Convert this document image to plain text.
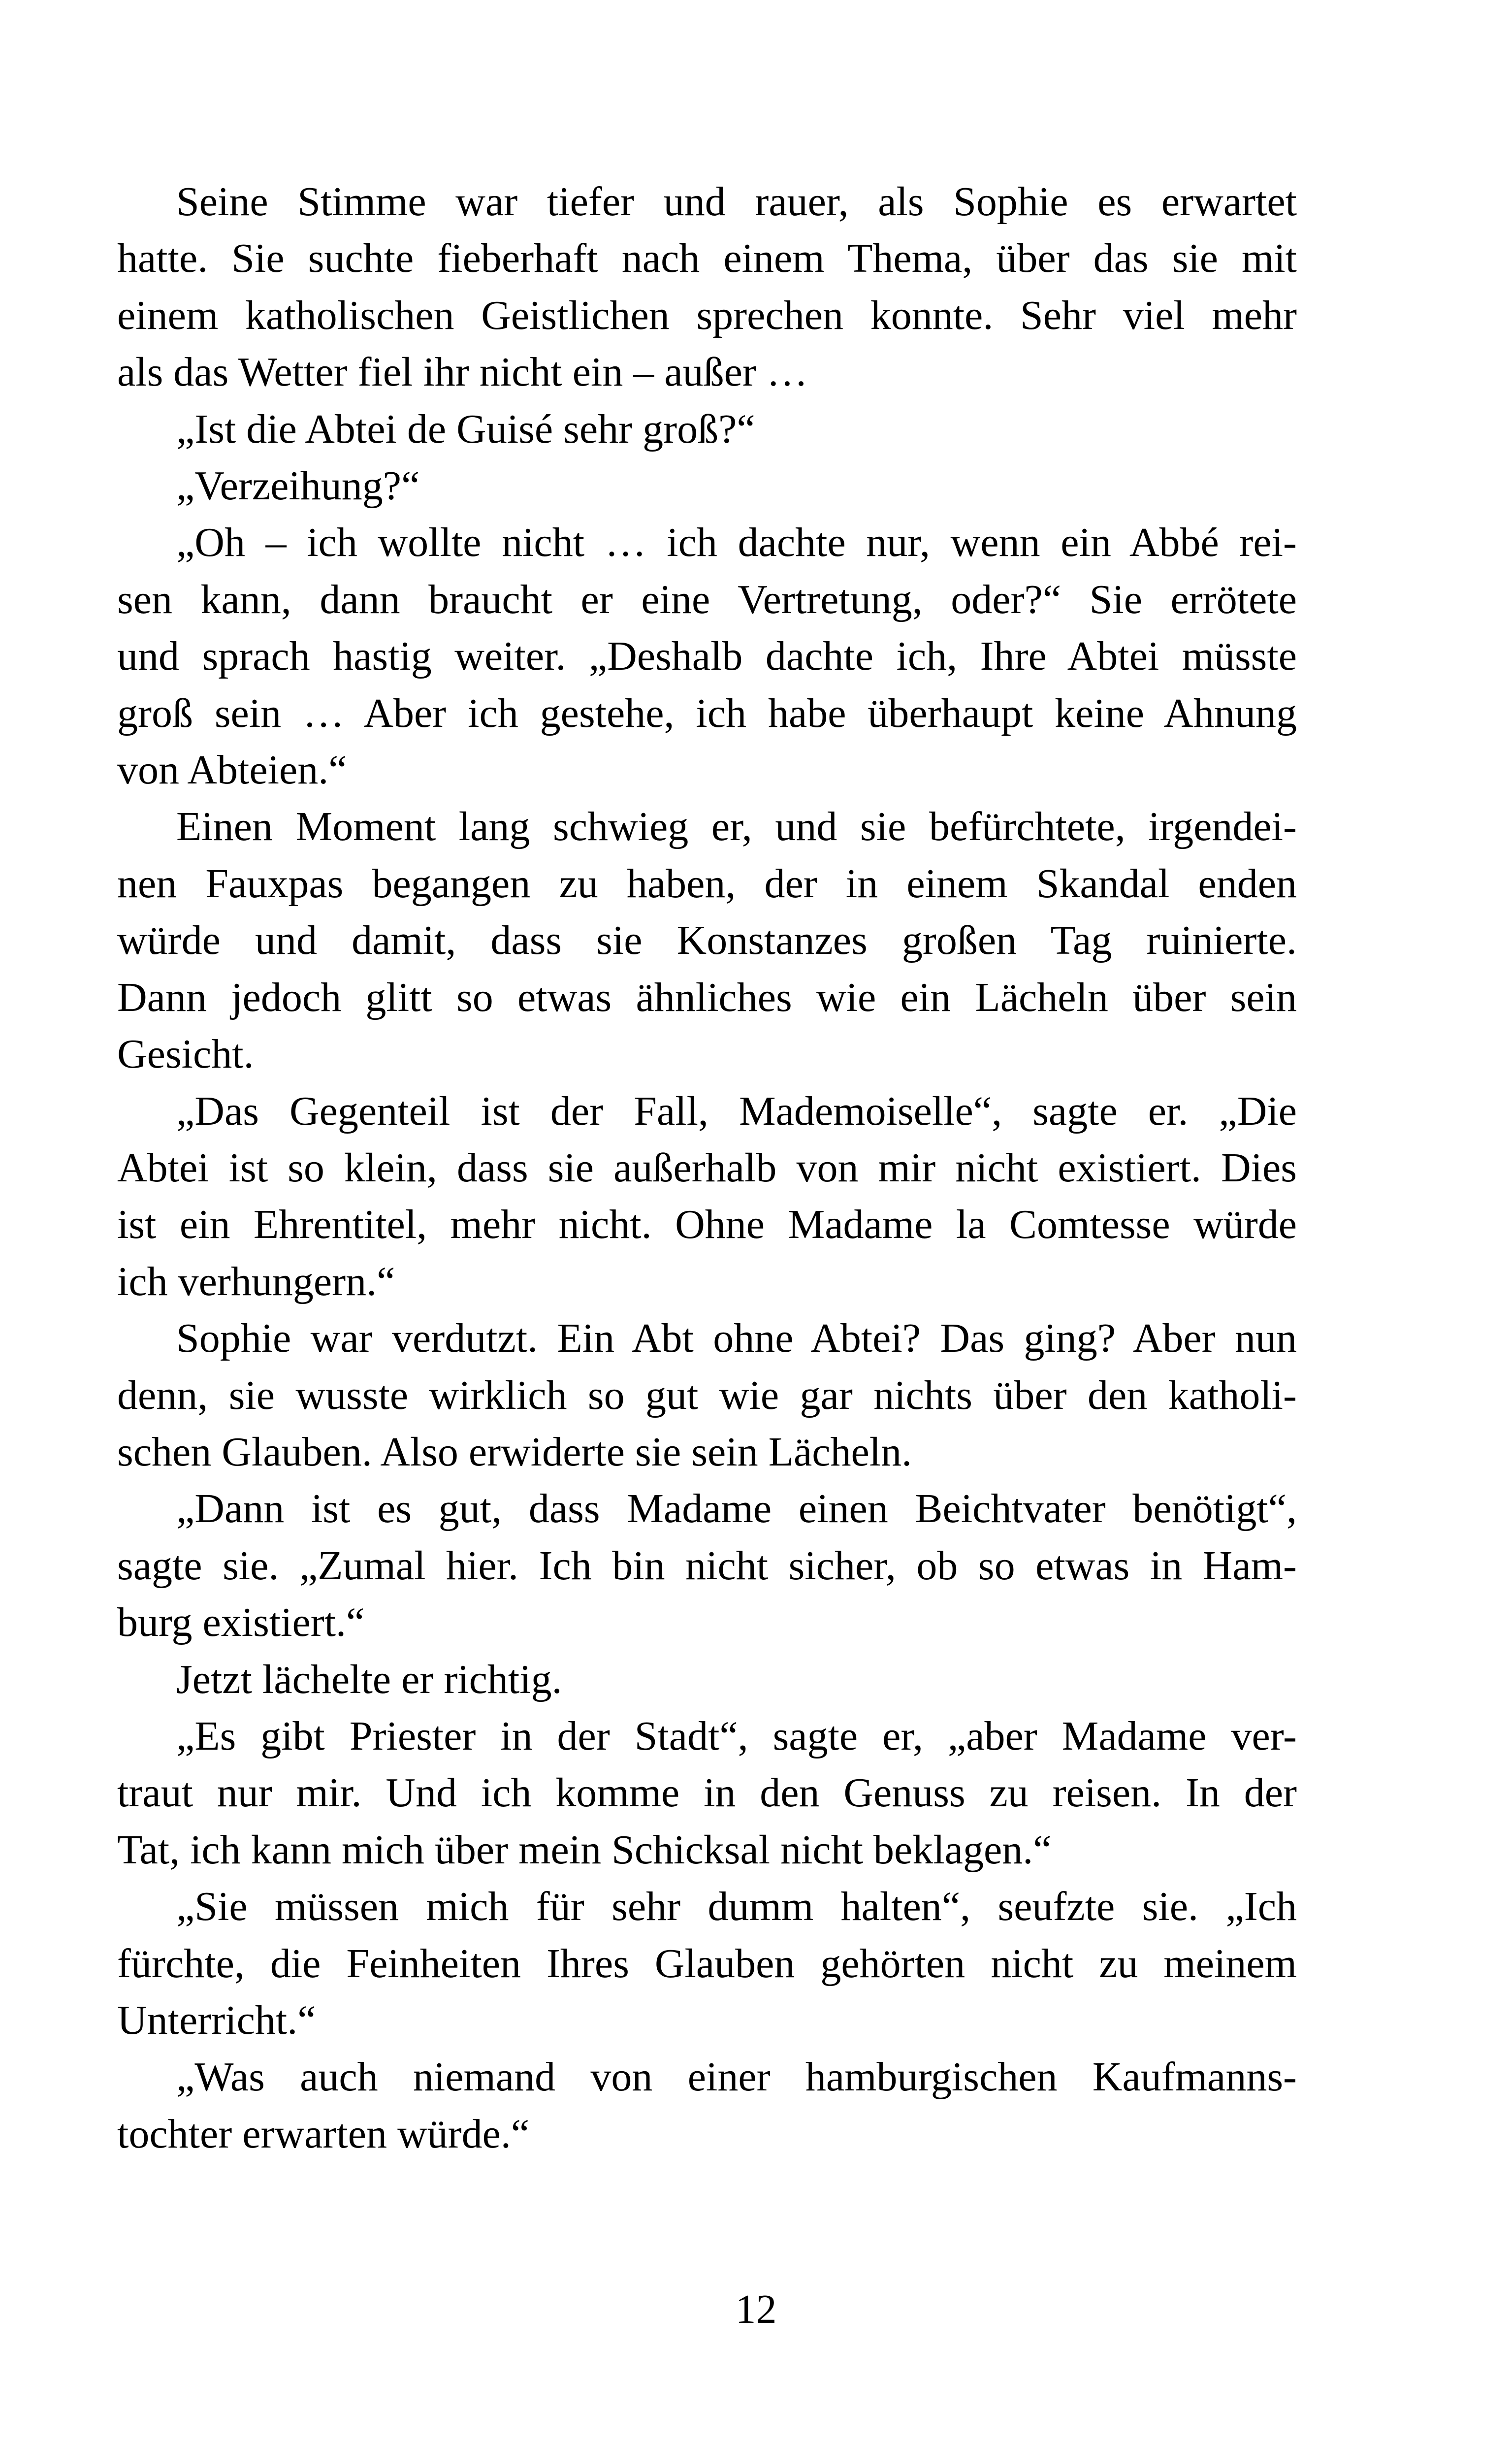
Seine Stimme war tiefer und rauer, als Sophie es erwartet
hatte. Sie suchte fieberhaft nach einem Thema, über das sie mit
einem katholischen Geistlichen sprechen konnte. Sehr viel mehr
als das Wetter fiel ihr nicht ein – außer …
„Ist die Abtei de Guisé sehr groß?“
„Verzeihung?“
„Oh – ich wollte nicht … ich dachte nur, wenn ein Abbé rei-
sen kann, dann braucht er eine Vertretung, oder?“ Sie errötete
und sprach hastig weiter. „Deshalb dachte ich, Ihre Abtei müsste
groß sein … Aber ich gestehe, ich habe überhaupt keine Ahnung
von Abteien.“
Einen Moment lang schwieg er, und sie befürchtete, irgendei-
nen Fauxpas begangen zu haben, der in einem Skandal enden
würde und damit, dass sie Konstanzes großen Tag ruinierte.
Dann jedoch glitt so etwas ähnliches wie ein Lächeln über sein
Gesicht.
„Das Gegenteil ist der Fall, Mademoiselle“, sagte er. „Die
Abtei ist so klein, dass sie außerhalb von mir nicht existiert. Dies
ist ein Ehrentitel, mehr nicht. Ohne Madame la Comtesse würde
ich verhungern.“
Sophie war verdutzt. Ein Abt ohne Abtei? Das ging? Aber nun
denn, sie wusste wirklich so gut wie gar nichts über den katholi-
schen Glauben. Also erwiderte sie sein Lächeln.
„Dann ist es gut, dass Madame einen Beichtvater benötigt“,
sagte sie. „Zumal hier. Ich bin nicht sicher, ob so etwas in Ham-
burg existiert.“
Jetzt lächelte er richtig.
„Es gibt Priester in der Stadt“, sagte er, „aber Madame ver-
traut nur mir. Und ich komme in den Genuss zu reisen. In der
Tat, ich kann mich über mein Schicksal nicht beklagen.“
„Sie müssen mich für sehr dumm halten“, seufzte sie. „Ich
fürchte, die Feinheiten Ihres Glauben gehörten nicht zu meinem
Unterricht.“
„Was auch niemand von einer hamburgischen Kaufmanns-
tochter erwarten würde.“
12
